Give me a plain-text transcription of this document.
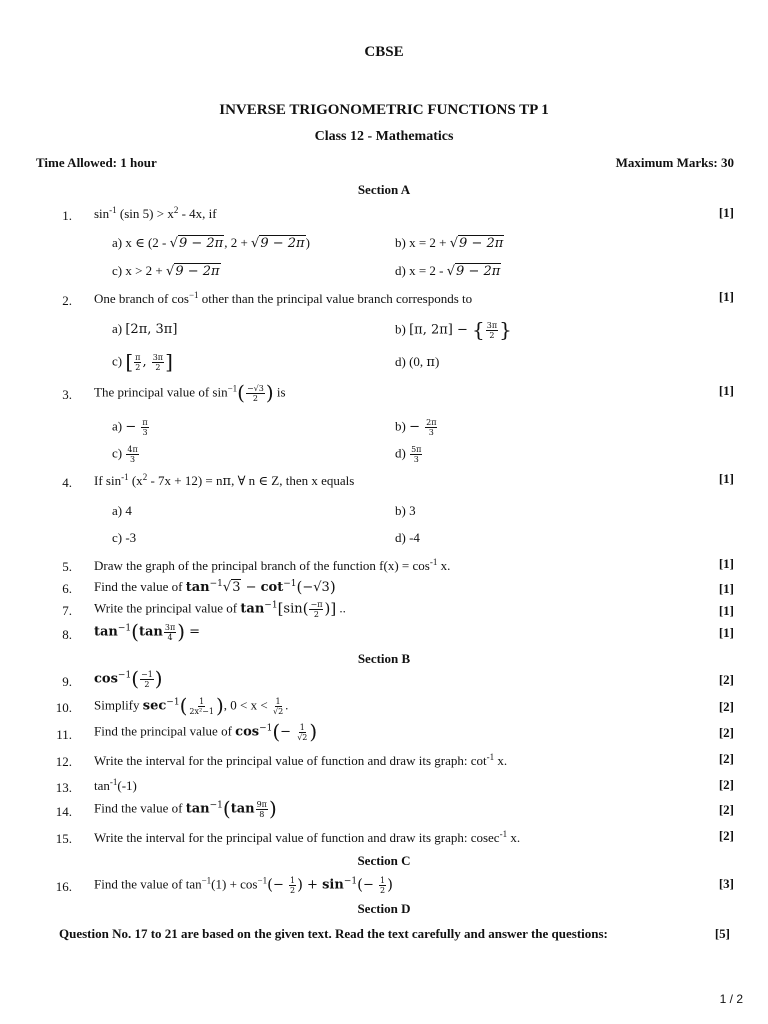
CBSE
INVERSE TRIGONOMETRIC FUNCTIONS TP 1
Class 12 - Mathematics
Time Allowed: 1 hour	Maximum Marks: 30
Section A
1. $\sin^{-1} (\sin$ $5) > x^2 - 4x$, if	[1]
a) x ∈ (2 - √9 − 2π, 2 + √9 − 2π)	b) x = 2 + √9 − 2π
c) x > 2 + √9 − 2π	d) x = 2 - √9 − 2π
2. One branch of $\cos^{-1}$ other than the principal value branch corresponds to	[1]
a) [2π, 3π]	b) [π, 2π] − { $\frac{3\pi}{2}$ }
c) [ $\frac{\pi}{2}$ , $\frac{3\pi}{2}$ ]	d) (0, π)
3. The principal value of $\sin^{-1}( \frac{-√3}{2}$ ) is	[1]
$a) - \frac{\pi}{3}$	$b) - \frac{2\pi}{3}$
$c) \frac{4\pi}{3}$	$d) \frac{5\pi}{3}$
4. If $\sin^{-1} (x^2 - 7x + 12) = n\pi$, ∀ n ∈ Z, then x equals	[1]
a) 4	b) 3
c) -3	d) -4
5. Draw the graph of the principal branch of the function $f(x) = \cos^{-1} x$.	[1]
6. Find the value of $\tan^{-1}√3 - \cot^{-1}(-√3)$	[1]
7. Write the principal value of $\tan^{-1}[\sin( \frac{-\pi}{2}$ )] ..	[1]
8. $\tan^{-1}(\tan \frac{3\pi}{4}$ ) =	[1]
Section B
9. $\cos^{-1}( \frac{-1}{2}$ )	[2]
10. Simplify $\sec^{-1}( \frac{1}{\text{2x²−1}}$ ), $0 < x < \frac{1}{√2}$ .	[2]
11. Find the principal value of $\cos^{-1}(- \frac{1}{√2}$ )	[2]
12. Write the interval for the principal value of function and draw its graph: $\cot^{-1} x$.	[2]
13. $\tan^{-1}(-1)$	[2]
14. Find the value of $\tan^{-1}(\tan \frac{9\pi}{8}$ )	[2]
15. Write the interval for the principal value of function and draw its graph: cosec$^{-1}$ x.	[2]
Section C
16. Find the value of $\tan^{-1}(1) + \cos^{-1}(- \frac{1}{2}$ ) + $\sin^{-1}(- \frac{1}{2}$ )	[3]
Section D
Question No. 17 to 21 are based on the given text. Read the text carefully and answer the questions:	[5]
1 / 2
